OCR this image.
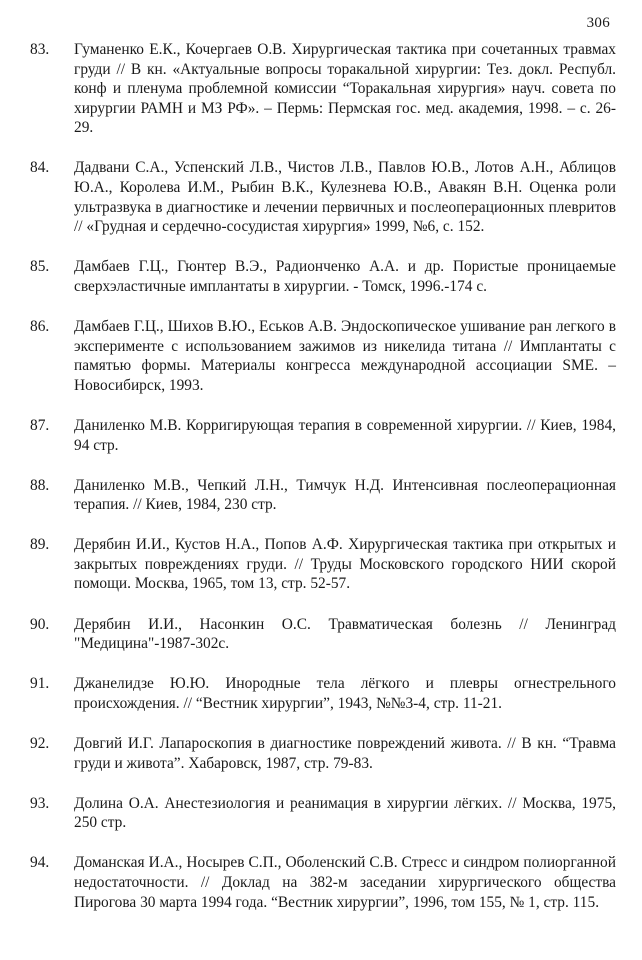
306
83.	Гуманенко Е.К., Кочергаев О.В. Хирургическая тактика при сочетанных травмах груди // В кн. «Актуальные вопросы торакальной хирургии: Тез. докл. Республ. конф и пленума проблемной комиссии “Торакальная хирургия» науч. совета по хирургии РАМН и МЗ РФ». – Пермь: Пермская гос. мед. академия, 1998. – с. 26-29.

84.	Дадвани С.А., Успенский Л.В., Чистов Л.В., Павлов Ю.В., Лотов А.Н., Аблицов Ю.А., Королева И.М., Рыбин В.К., Кулезнева Ю.В., Авакян В.Н. Оценка роли ультразвука в диагностике и лечении первичных и послеоперационных плевритов // «Грудная и сердечно-сосудистая хирургия» 1999, №6, с. 152.

85.	Дамбаев Г.Ц., Гюнтер В.Э., Радионченко А.А. и др. Пористые проницаемые сверхэластичные имплантаты в хирургии. - Томск, 1996.-174 с.

86.	Дамбаев Г.Ц., Шихов В.Ю., Еськов А.В. Эндоскопическое ушивание ран легкого в эксперименте с использованием зажимов из никелида титана // Имплантаты с памятью формы. Материалы конгресса международной ассоциации SME. – Новосибирск, 1993.

87.	Даниленко М.В. Корригирующая терапия в современной хирургии. // Киев, 1984, 94 стр.

88.	Даниленко М.В., Чепкий Л.Н., Тимчук Н.Д. Интенсивная послеоперационная терапия. // Киев, 1984, 230 стр.

89.	Дерябин И.И., Кустов Н.А., Попов А.Ф. Хирургическая тактика при открытых и закрытых повреждениях груди. // Труды Московского городского НИИ скорой помощи. Москва, 1965, том 13, стр. 52-57.

90.	Дерябин И.И., Насонкин О.С. Травматическая болезнь // Ленинград "Медицина"-1987-302с.

91.	Джанелидзе Ю.Ю. Инородные тела лёгкого и плевры огнестрельного происхождения. // “Вестник хирургии”, 1943, №№3-4, стр. 11-21.

92.	Довгий И.Г. Лапароскопия в диагностике повреждений живота. // В кн. “Травма груди и живота”. Хабаровск, 1987, стр. 79-83.

93.	Долина О.А. Анестезиология и реанимация в хирургии лёгких. // Москва, 1975, 250 стр.

94.	Доманская И.А., Носырев С.П., Оболенский С.В. Стресс и синдром полиорганной недостаточности. // Доклад на 382-м заседании хирургического общества Пирогова 30 марта 1994 года. “Вестник хирургии”, 1996, том 155, № 1, стр. 115.
